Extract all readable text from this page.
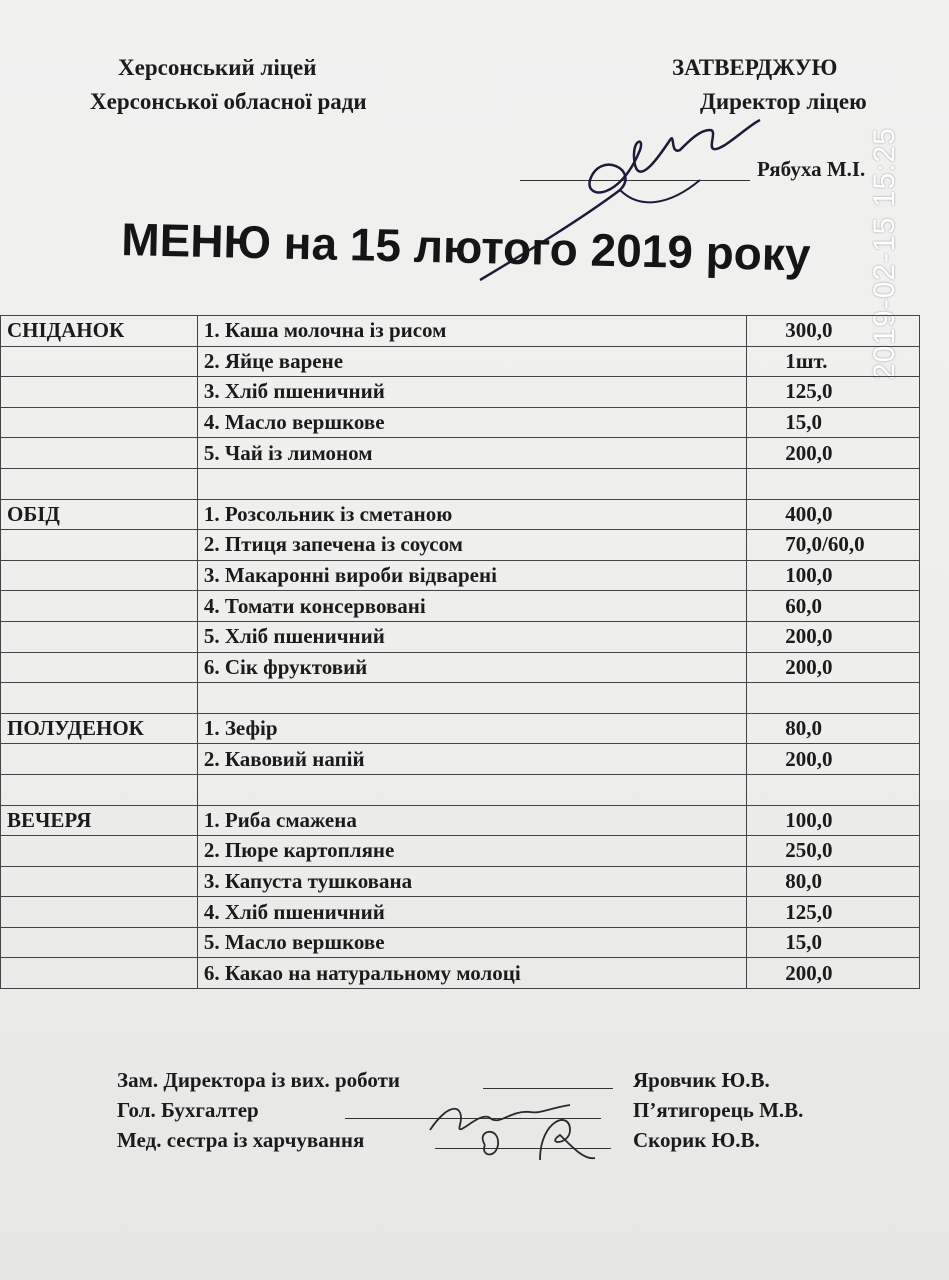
Херсонський ліцей
Херсонської обласної ради
ЗАТВЕРДЖУЮ
Директор ліцею
Рябуха М.І.
МЕНЮ на 15 лютого 2019 року	2019-02-15 15:25
СНІДАНОК	1. Каша молочна із рисом	300,0
	2. Яйце варене	1шт.
	3. Хліб пшеничний	125,0
	4. Масло вершкове	15,0
	5. Чай із лимоном	200,0

ОБІД	1. Розсольник із сметаною	400,0
	2. Птиця запечена із соусом	70,0/60,0
	3. Макаронні вироби відварені	100,0
	4. Томати консервовані	60,0
	5. Хліб пшеничний	200,0
	6. Сік фруктовий	200,0

ПОЛУДЕНОК	1. Зефір	80,0
	2. Кавовий напій	200,0

ВЕЧЕРЯ	1. Риба смажена	100,0
	2. Пюре картопляне	250,0
	3. Капуста тушкована	80,0
	4. Хліб пшеничний	125,0
	5. Масло вершкове	15,0
	6. Какао на натуральному молоці	200,0
Зам. Директора із вих. роботи	Яровчик Ю.В.
Гол. Бухгалтер	П’ятигорець М.В.
Мед. сестра із харчування	Скорик Ю.В.
